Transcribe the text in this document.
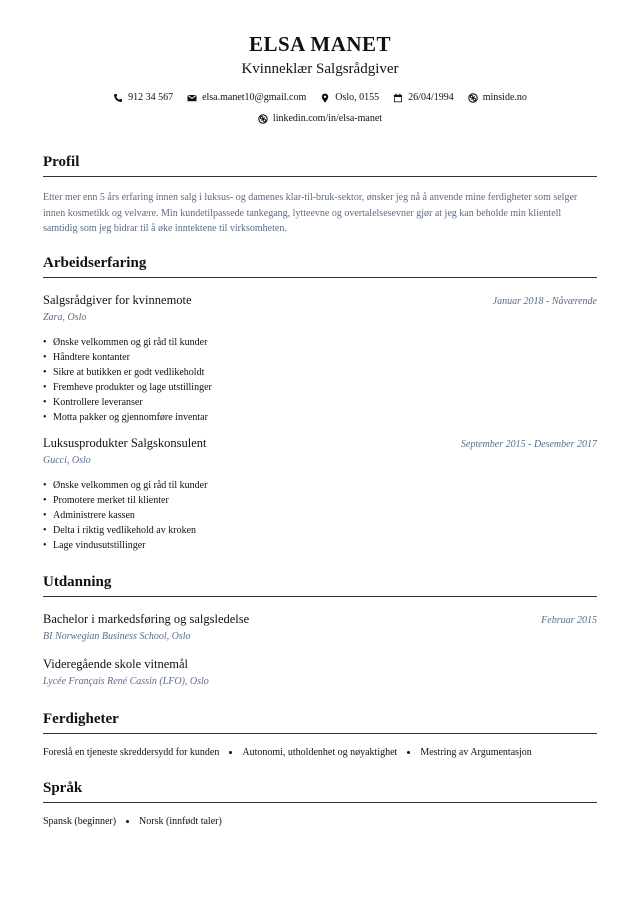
ELSA MANET
Kvinneklær Salgsrådgiver
912 34 567	elsa.manet10@gmail.com	Oslo, 0155	26/04/1994	minside.no
linkedin.com/in/elsa-manet
Profil
Etter mer enn 5 års erfaring innen salg i luksus- og damenes klar-til-bruk-sektor, ønsker jeg nå å anvende mine ferdigheter som selger innen kosmetikk og velvære. Min kundetilpassede tankegang, lytteevne og overtalelsesevner gjør at jeg kan beholde min klientell samtidig som jeg bidrar til å øke inntektene til virksomheten.
Arbeidserfaring
Salgsrådgiver for kvinnemote	Januar 2018 - Nåværende
Zara, Oslo
• Ønske velkommen og gi råd til kunder
• Håndtere kontanter
• Sikre at butikken er godt vedlikeholdt
• Fremheve produkter og lage utstillinger
• Kontrollere leveranser
• Motta pakker og gjennomføre inventar
Luksusprodukter Salgskonsulent	September 2015 - Desember 2017
Gucci, Oslo
• Ønske velkommen og gi råd til kunder
• Promotere merket til klienter
• Administrere kassen
• Delta i riktig vedlikehold av kroken
• Lage vindusutstillinger
Utdanning
Bachelor i markedsføring og salgsledelse	Februar 2015
BI Norwegian Business School, Oslo
Videregående skole vitnemål
Lycée Français René Cassin (LFO), Oslo
Ferdigheter
Foreslå en tjeneste skreddersydd for kunden Autonomi, utholdenhet og nøyaktighet Mestring av Argumentasjon
Språk
Spansk (beginner) Norsk (innfødt taler)
